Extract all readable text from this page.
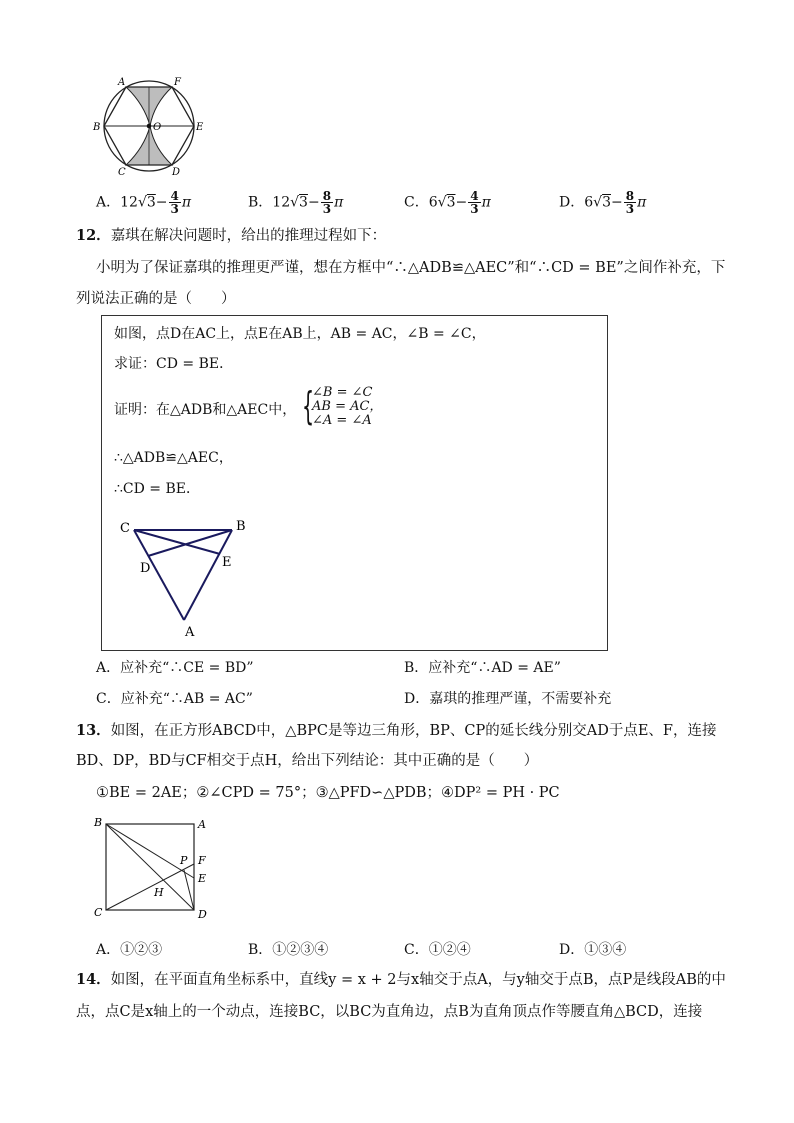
A	F
B	O	E
C	D
A．$12√3- \frac{4}{3}$ π	B．$12√3- \frac{8}{3}$ π	C．$6√3- \frac{4}{3}$ π	D．$6√3- \frac{8}{3}$ π
12．嘉琪在解决问题时，给出的推理过程如下：
小明为了保证嘉琪的推理更严谨，想在方框中“∴△ADB≌△AEC”和“∴CD = BE”之间作补充，下
列说法正确的是（　　）
如图，点D在AC上，点E在AB上，AB = AC，∠B = ∠C，
求证：CD = BE．
证明：在△ADB和△AEC中， {
∠B = ∠C
AB = AC，
∠A = ∠A
∴△ADB≌△AEC，
∴CD = BE．
C	B
D	E
A
A．应补充“∴CE = BD”	B．应补充“∴AD = AE”
C．应补充“∴AB = AC”	D．嘉琪的推理严谨，不需要补充
13．如图，在正方形ABCD中，△BPC是等边三角形，BP、CP的延长线分别交AD于点E、F，连接
BD、DP，BD与CF相交于点H，给出下列结论：其中正确的是（　　）
①BE = 2AE；②∠CPD = 75°；③△PFD∽△PDB；④DP² = PH · PC
B	A
P F
E
H
C	D
A．①②③	B．①②③④	C．①②④	D．①③④
14．如图，在平面直角坐标系中，直线y = x + 2与x轴交于点A，与y轴交于点B，点P是线段AB的中
点，点C是x轴上的一个动点，连接BC，以BC为直角边，点B为直角顶点作等腰直角△BCD，连接
